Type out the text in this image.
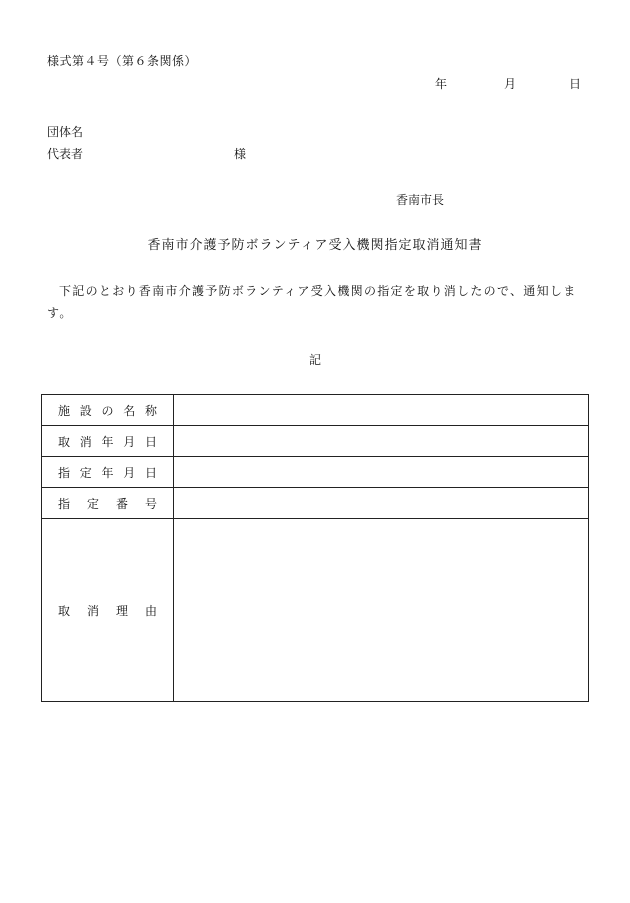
様式第４号（第６条関係）
年	月	日
団体名
代表者	様
香南市長
香南市介護予防ボランティア受入機関指定取消通知書
下記のとおり香南市介護予防ボランティア受入機関の指定を取り消したので、通知します。
記
施 設 の 名 称	

取 消 年 月 日	

指 定 年 月 日	

指 定 番 号	

取 消 理 由	
